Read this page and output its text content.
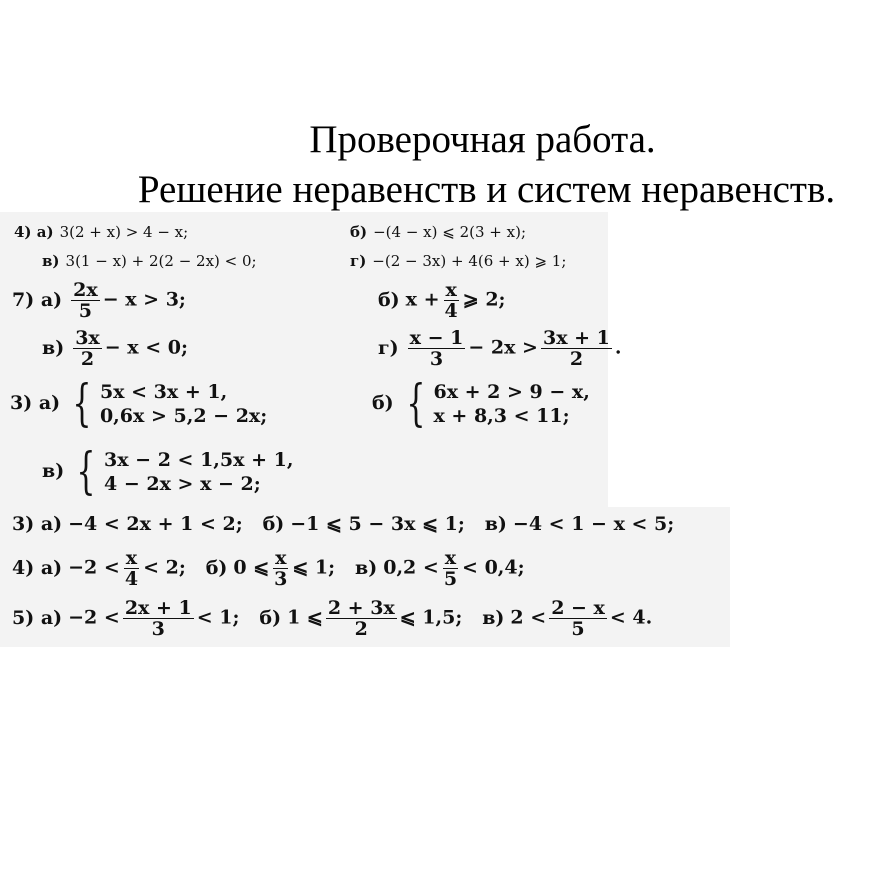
Проверочная работа.
Решение неравенств и систем неравенств.
4) а) 3(2 + x) > 4 − x;	б) −(4 − x) ⩽ 2(3 + x);
в) 3(1 − x) + 2(2 − 2x) < 0;	г) −(2 − 3x) + 4(6 + x) ⩾ 1;
7) $а) \frac{2x}{5} - x > 3$;	б) $x + \frac{x}{4}$ ⩾ 2;
$в) \frac{3x}{2} - x < 0$;	$г) \frac{x - 1}{3} - 2x > \frac{3x + 1}{2}$ .
3) а) { 5x < 3x + 1,
0,6x > 5,2 − 2x;
б) { 6x + 2 > 9 − x,
x + 8,3 < 11;
в) { 3x − 2 < 1,5x + 1,
4 − 2x > x − 2;
3) а) −4 < 2x + 1 < 2; б) −1 ⩽ 5 − 3x ⩽ 1; в) −4 < 1 − x < 5;
4) $а) -2 < \frac{x}{4} < 2$; б) 0 ⩽ $\frac{x}{3}$ ⩽ 1; в) $0,2 < \frac{x}{5} < 0,4$;
5) $а) -2 < \frac{2x + 1}{3} < 1$; б) 1 ⩽ $\frac{2 + 3x}{2}$ ⩽ 1,5; в) $2 < \frac{2 - x}{5} < 4$.
